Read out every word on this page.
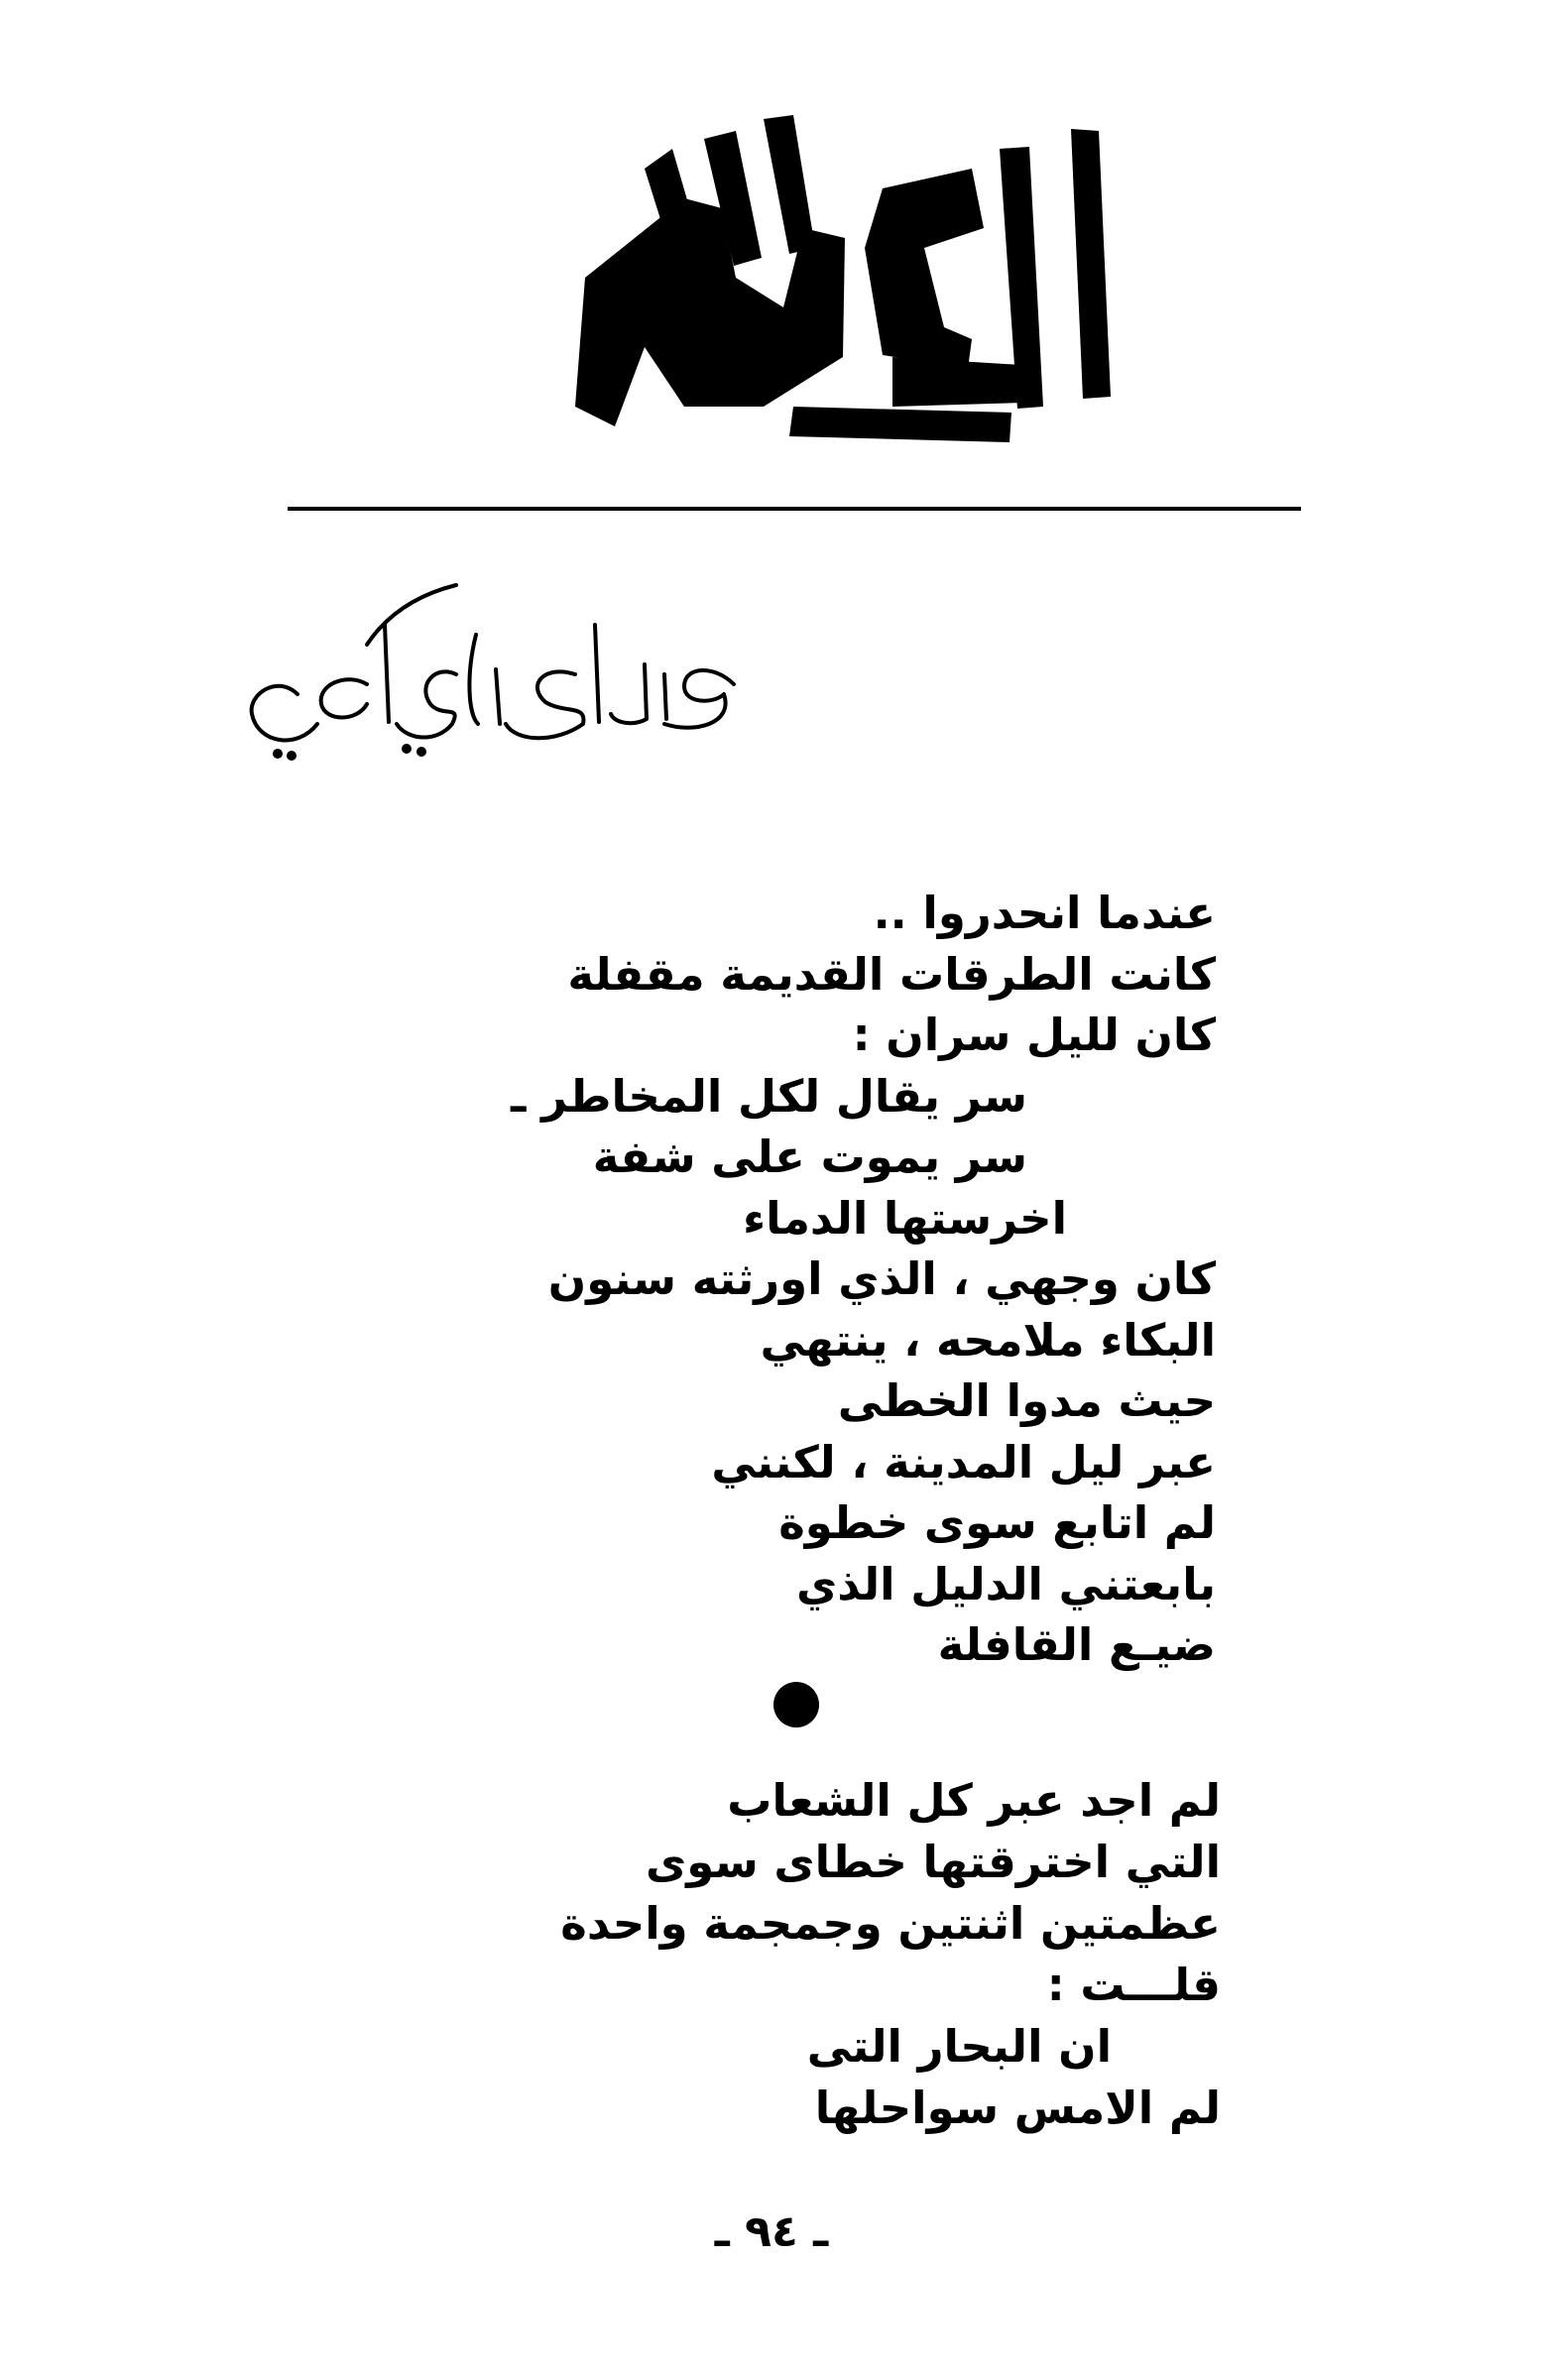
عندما انحدروا ..
كانت الطرقات القديمة مقفلة
كان لليل سران :
سر يقال لكل المخاطر ـ
سر يموت على شفة
اخرستها الدماء
كان وجهي ، الذي اورثته سنون
البكاء ملامحه ، ينتهي
حيث مدوا الخطى
عبر ليل المدينة ، لكنني
لم اتابع سوى خطوة
بابعتني الدليل الذي
ضيـع القافلة
لم اجد عبر كل الشعاب
التي اخترقتها خطاى سوى
عظمتين اثنتين وجمجمة واحدة
قلـــت :
ان البحار التى
لم الامس سواحلها
ـ ٩٤ ـ
